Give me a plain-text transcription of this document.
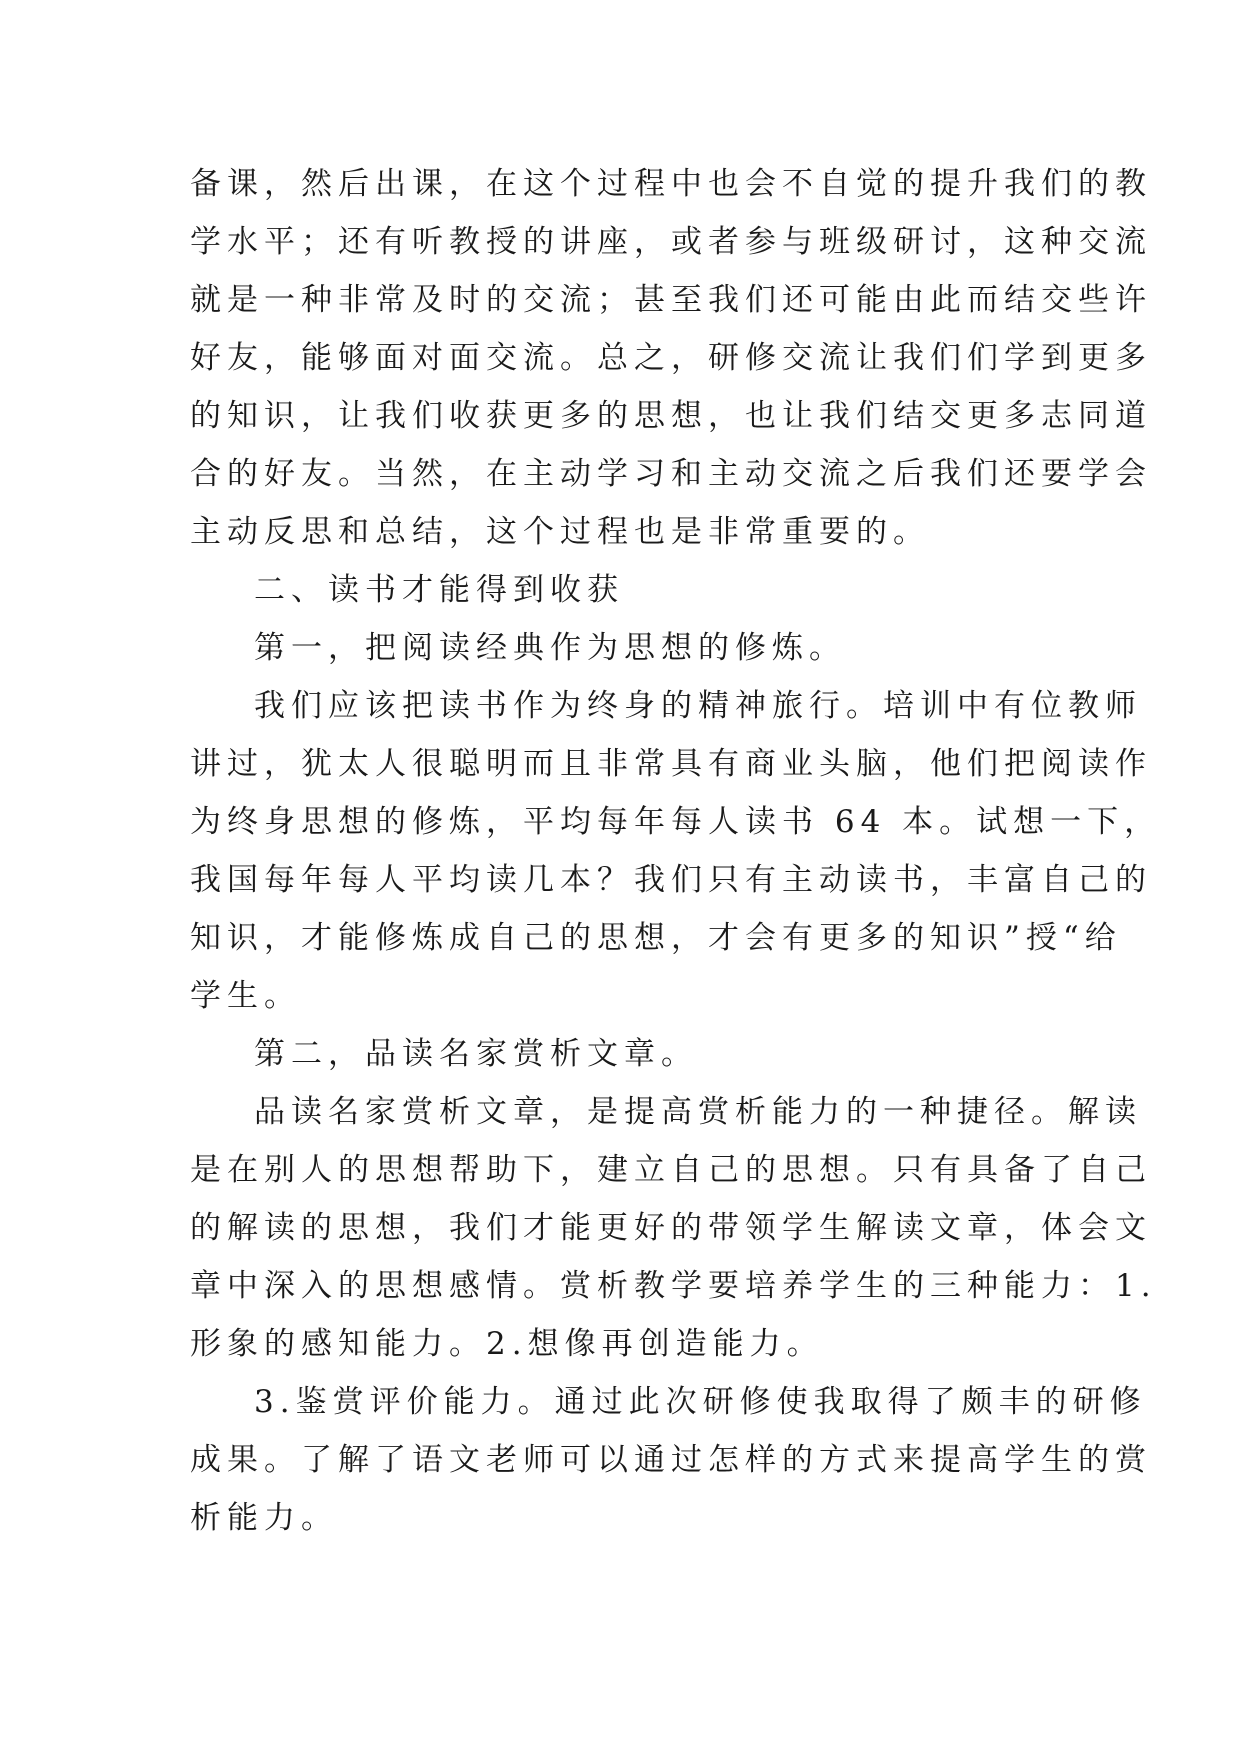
备课，然后出课，在这个过程中也会不自觉的提升我们的教

学水平；还有听教授的讲座，或者参与班级研讨，这种交流

就是一种非常及时的交流；甚至我们还可能由此而结交些许

好友，能够面对面交流。总之，研修交流让我们们学到更多

的知识，让我们收获更多的思想，也让我们结交更多志同道

合的好友。当然，在主动学习和主动交流之后我们还要学会

主动反思和总结，这个过程也是非常重要的。

二、读书才能得到收获

第一，把阅读经典作为思想的修炼。

我们应该把读书作为终身的精神旅行。培训中有位教师

讲过，犹太人很聪明而且非常具有商业头脑，他们把阅读作

为终身思想的修炼，平均每年每人读书 64 本。试想一下，

我国每年每人平均读几本？我们只有主动读书，丰富自己的

知识，才能修炼成自己的思想，才会有更多的知识”授“给

学生。

第二，品读名家赏析文章。

品读名家赏析文章，是提高赏析能力的一种捷径。解读

是在别人的思想帮助下，建立自己的思想。只有具备了自己

的解读的思想，我们才能更好的带领学生解读文章，体会文

章中深入的思想感情。赏析教学要培养学生的三种能力：1.

形象的感知能力。2.想像再创造能力。

3.鉴赏评价能力。通过此次研修使我取得了颇丰的研修

成果。了解了语文老师可以通过怎样的方式来提高学生的赏

析能力。
